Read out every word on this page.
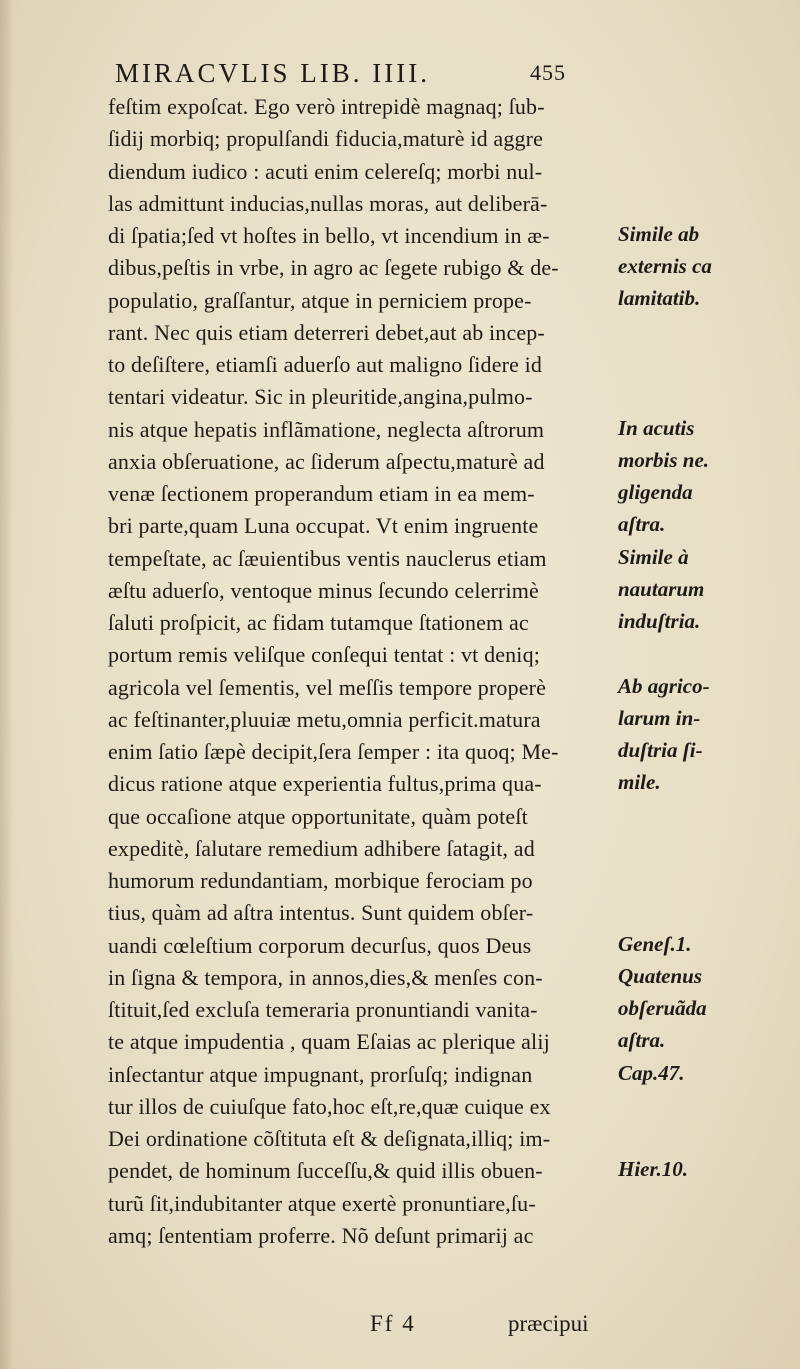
MIRACVLIS LIB. IIII.	455
feſtim expoſcat. Ego verò intrepidè magnaq; ſub-
ſidij morbiq; propulſandi fiducia,maturè id aggre
diendum iudico : acuti enim celereſq; morbi nul-
las admittunt inducias,nullas moras, aut deliberā-
di ſpatia;ſed vt hoſtes in bello, vt incendium in æ-
dibus,peſtis in vrbe, in agro ac ſegete rubigo & de-
populatio, graſſantur, atque in perniciem prope-
rant. Nec quis etiam deterreri debet,aut ab incep-
to deſiſtere, etiamſi aduerſo aut maligno ſidere id
tentari videatur. Sic in pleuritide,angina,pulmo-
nis atque hepatis inflãmatione, neglecta aſtrorum
anxia obſeruatione, ac ſiderum aſpectu,maturè ad
venæ ſectionem properandum etiam in ea mem-
bri parte,quam Luna occupat. Vt enim ingruente
tempeſtate, ac ſæuientibus ventis nauclerus etiam
æſtu aduerſo, ventoque minus ſecundo celerrimè
ſaluti proſpicit, ac fidam tutamque ſtationem ac
portum remis veliſque conſequi tentat : vt deniq;
agricola vel ſementis, vel meſſis tempore properè
ac feſtinanter,pluuiæ metu,omnia perficit.matura
enim ſatio ſæpè decipit,ſera ſemper : ita quoq; Me-
dicus ratione atque experientia fultus,prima qua-
que occaſione atque opportunitate, quàm poteſt
expeditè, ſalutare remedium adhibere ſatagit, ad
humorum redundantiam, morbique ferociam po
tius, quàm ad aſtra intentus. Sunt quidem obſer-
uandi cœleſtium corporum decurſus, quos Deus
in ſigna & tempora, in annos,dies,& menſes con-
ſtituit,ſed excluſa temeraria pronuntiandi vanita-
te atque impudentia , quam Eſaias ac plerique alij
inſectantur atque impugnant, prorſuſq; indignan
tur illos de cuiuſque fato,hoc eſt,re,quæ cuique ex
Dei ordinatione cõſtituta eſt & deſignata,illiq; im-
pendet, de hominum ſucceſſu,& quid illis obuen-
turũ ſit,indubitanter atque exertè pronuntiare,ſu-
amq; ſententiam proferre. Nõ deſunt primarij ac
Simile ab
externis ca
lamitatib.
In acutis
morbis ne.
gligenda
aſtra.
Simile à
nautarum
induſtria.
Ab agrico-
larum in-
duſtria ſi-
mile.
Geneſ.1.
Quatenus
obſeruãda
aſtra.
Cap.47.
Hier.10.
Ff 4	præcipui
